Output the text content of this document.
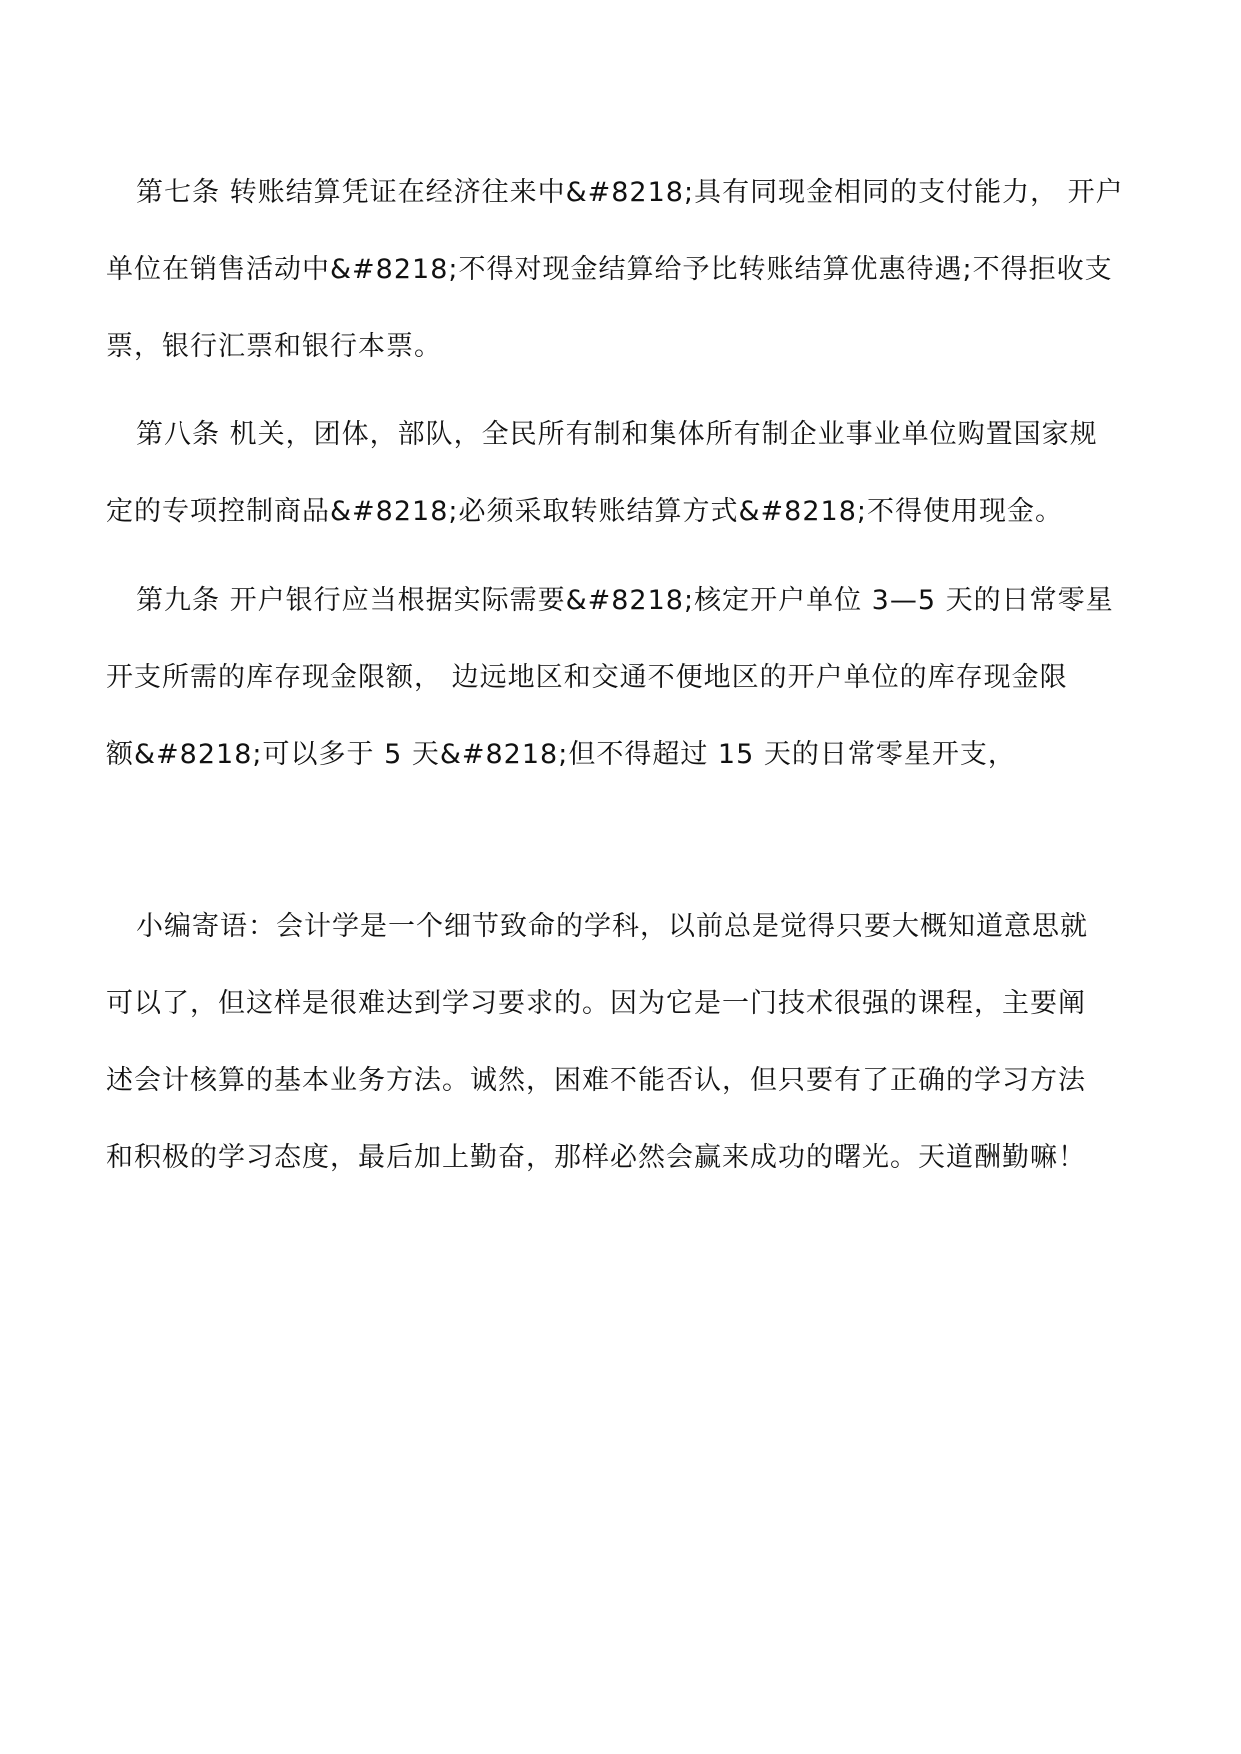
第七条 转账结算凭证在经济往来中&#8218;具有同现金相同的支付能力， 开户
单位在销售活动中&#8218;不得对现金结算给予比转账结算优惠待遇;不得拒收支
票，银行汇票和银行本票。
第八条 机关，团体，部队，全民所有制和集体所有制企业事业单位购置国家规
定的专项控制商品&#8218;必须采取转账结算方式&#8218;不得使用现金。
第九条 开户银行应当根据实际需要&#8218;核定开户单位 3—5 天的日常零星
开支所需的库存现金限额， 边远地区和交通不便地区的开户单位的库存现金限
额&#8218;可以多于 5 天&#8218;但不得超过 15 天的日常零星开支，
小编寄语：会计学是一个细节致命的学科，以前总是觉得只要大概知道意思就
可以了，但这样是很难达到学习要求的。因为它是一门技术很强的课程，主要阐
述会计核算的基本业务方法。诚然，困难不能否认，但只要有了正确的学习方法
和积极的学习态度，最后加上勤奋，那样必然会赢来成功的曙光。天道酬勤嘛！
